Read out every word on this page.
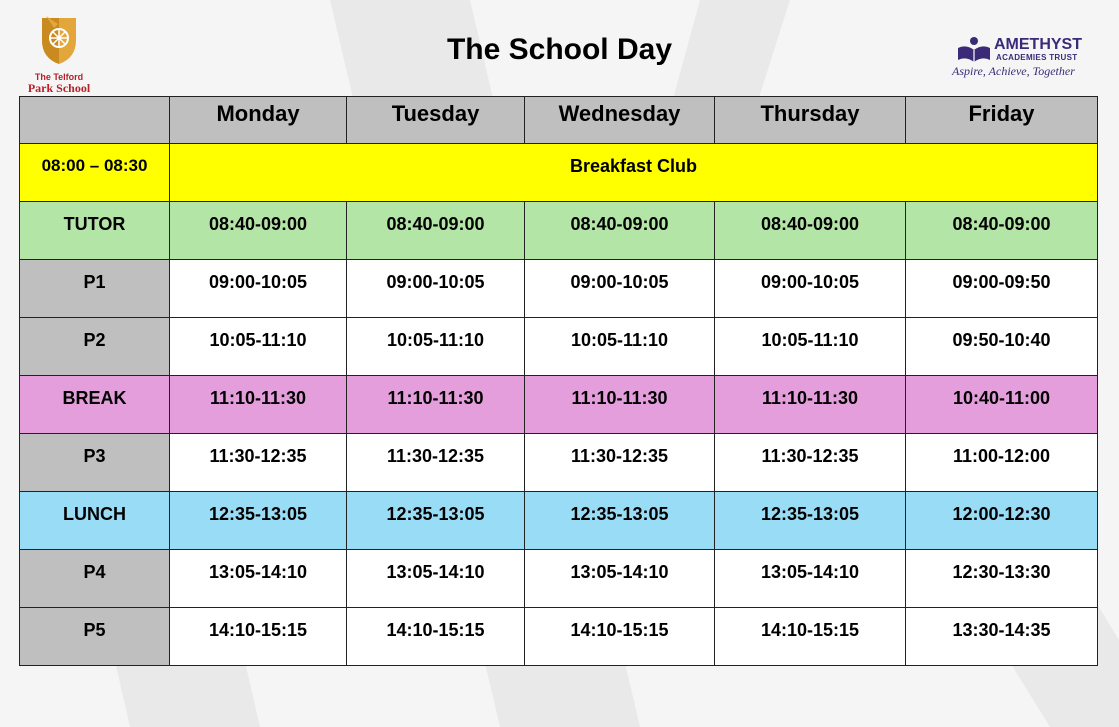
The Telford
Park School
The School Day	AMETHYST
ACADEMIES TRUST
Aspire, Achieve, Together
	Monday	Tuesday	Wednesday	Thursday	Friday
08:00 – 08:30	Breakfast Club				
TUTOR	08:40-09:00	08:40-09:00	08:40-09:00	08:40-09:00	08:40-09:00
P1	09:00-10:05	09:00-10:05	09:00-10:05	09:00-10:05	09:00-09:50
P2	10:05-11:10	10:05-11:10	10:05-11:10	10:05-11:10	09:50-10:40
BREAK	11:10-11:30	11:10-11:30	11:10-11:30	11:10-11:30	10:40-11:00
P3	11:30-12:35	11:30-12:35	11:30-12:35	11:30-12:35	11:00-12:00
LUNCH	12:35-13:05	12:35-13:05	12:35-13:05	12:35-13:05	12:00-12:30
P4	13:05-14:10	13:05-14:10	13:05-14:10	13:05-14:10	12:30-13:30
P5	14:10-15:15	14:10-15:15	14:10-15:15	14:10-15:15	13:30-14:35
